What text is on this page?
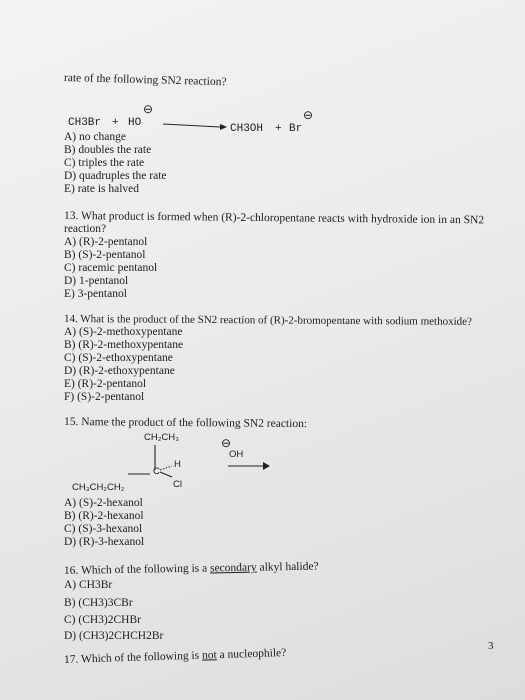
rate of the following SN2 reaction?
CH3Br + HO
⊖
CH3OH + Br
⊖
A) no change
B) doubles the rate
C) triples the rate
D) quadruples the rate
E) rate is halved
13. What product is formed when (R)-2-chloropentane reacts with hydroxide ion in an SN2
reaction?
A) (R)-2-pentanol
B) (S)-2-pentanol
C) racemic pentanol
D) 1-pentanol
E) 3-pentanol
14. What is the product of the SN2 reaction of (R)-2-bromopentane with sodium methoxide?
A) (S)-2-methoxypentane
B) (R)-2-methoxypentane
C) (S)-2-ethoxypentane
D) (R)-2-ethoxypentane
E) (R)-2-pentanol
F) (S)-2-pentanol
15. Name the product of the following SN2 reaction:
CH₂CH₃
C
H
Cl
CH₃CH₂CH₂
⊖
OH
A) (S)-2-hexanol
B) (R)-2-hexanol
C) (S)-3-hexanol
D) (R)-3-hexanol
16. Which of the following is a secondary alkyl halide?
A) CH3Br
B) (CH3)3CBr
C) (CH3)2CHBr
D) (CH3)2CHCH2Br
17. Which of the following is not a nucleophile?
3
